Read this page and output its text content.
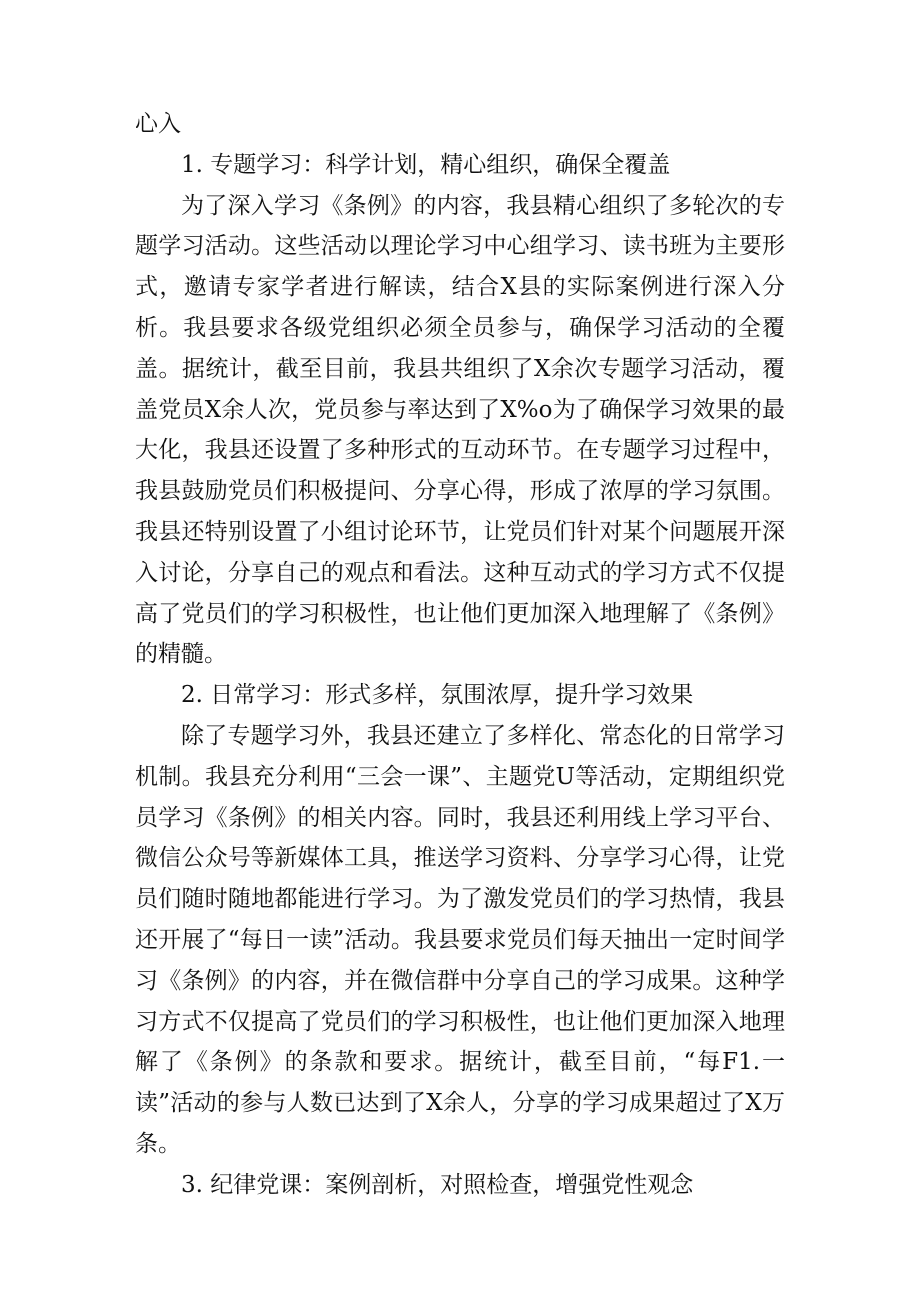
心入

1. 专题学习：科学计划，精心组织，确保全覆盖

为了深入学习《条例》的内容，我县精心组织了多轮次的专题学习活动。这些活动以理论学习中心组学习、读书班为主要形式，邀请专家学者进行解读，结合X县的实际案例进行深入分析。我县要求各级党组织必须全员参与，确保学习活动的全覆盖。据统计，截至目前，我县共组织了X余次专题学习活动，覆盖党员X余人次，党员参与率达到了X%o为了确保学习效果的最大化，我县还设置了多种形式的互动环节。在专题学习过程中，我县鼓励党员们积极提问、分享心得，形成了浓厚的学习氛围。我县还特别设置了小组讨论环节，让党员们针对某个问题展开深入讨论，分享自己的观点和看法。这种互动式的学习方式不仅提高了党员们的学习积极性，也让他们更加深入地理解了《条例》的精髓。

2. 日常学习：形式多样，氛围浓厚，提升学习效果

除了专题学习外，我县还建立了多样化、常态化的日常学习机制。我县充分利用“三会一课”、主题党U等活动，定期组织党员学习《条例》的相关内容。同时，我县还利用线上学习平台、微信公众号等新媒体工具，推送学习资料、分享学习心得，让党员们随时随地都能进行学习。为了激发党员们的学习热情，我县还开展了“每日一读”活动。我县要求党员们每天抽出一定时间学习《条例》的内容，并在微信群中分享自己的学习成果。这种学习方式不仅提高了党员们的学习积极性，也让他们更加深入地理解了《条例》的条款和要求。据统计，截至目前，“每F1.一读”活动的参与人数已达到了X余人，分享的学习成果超过了X万条。

3. 纪律党课：案例剖析，对照检查，增强党性观念
